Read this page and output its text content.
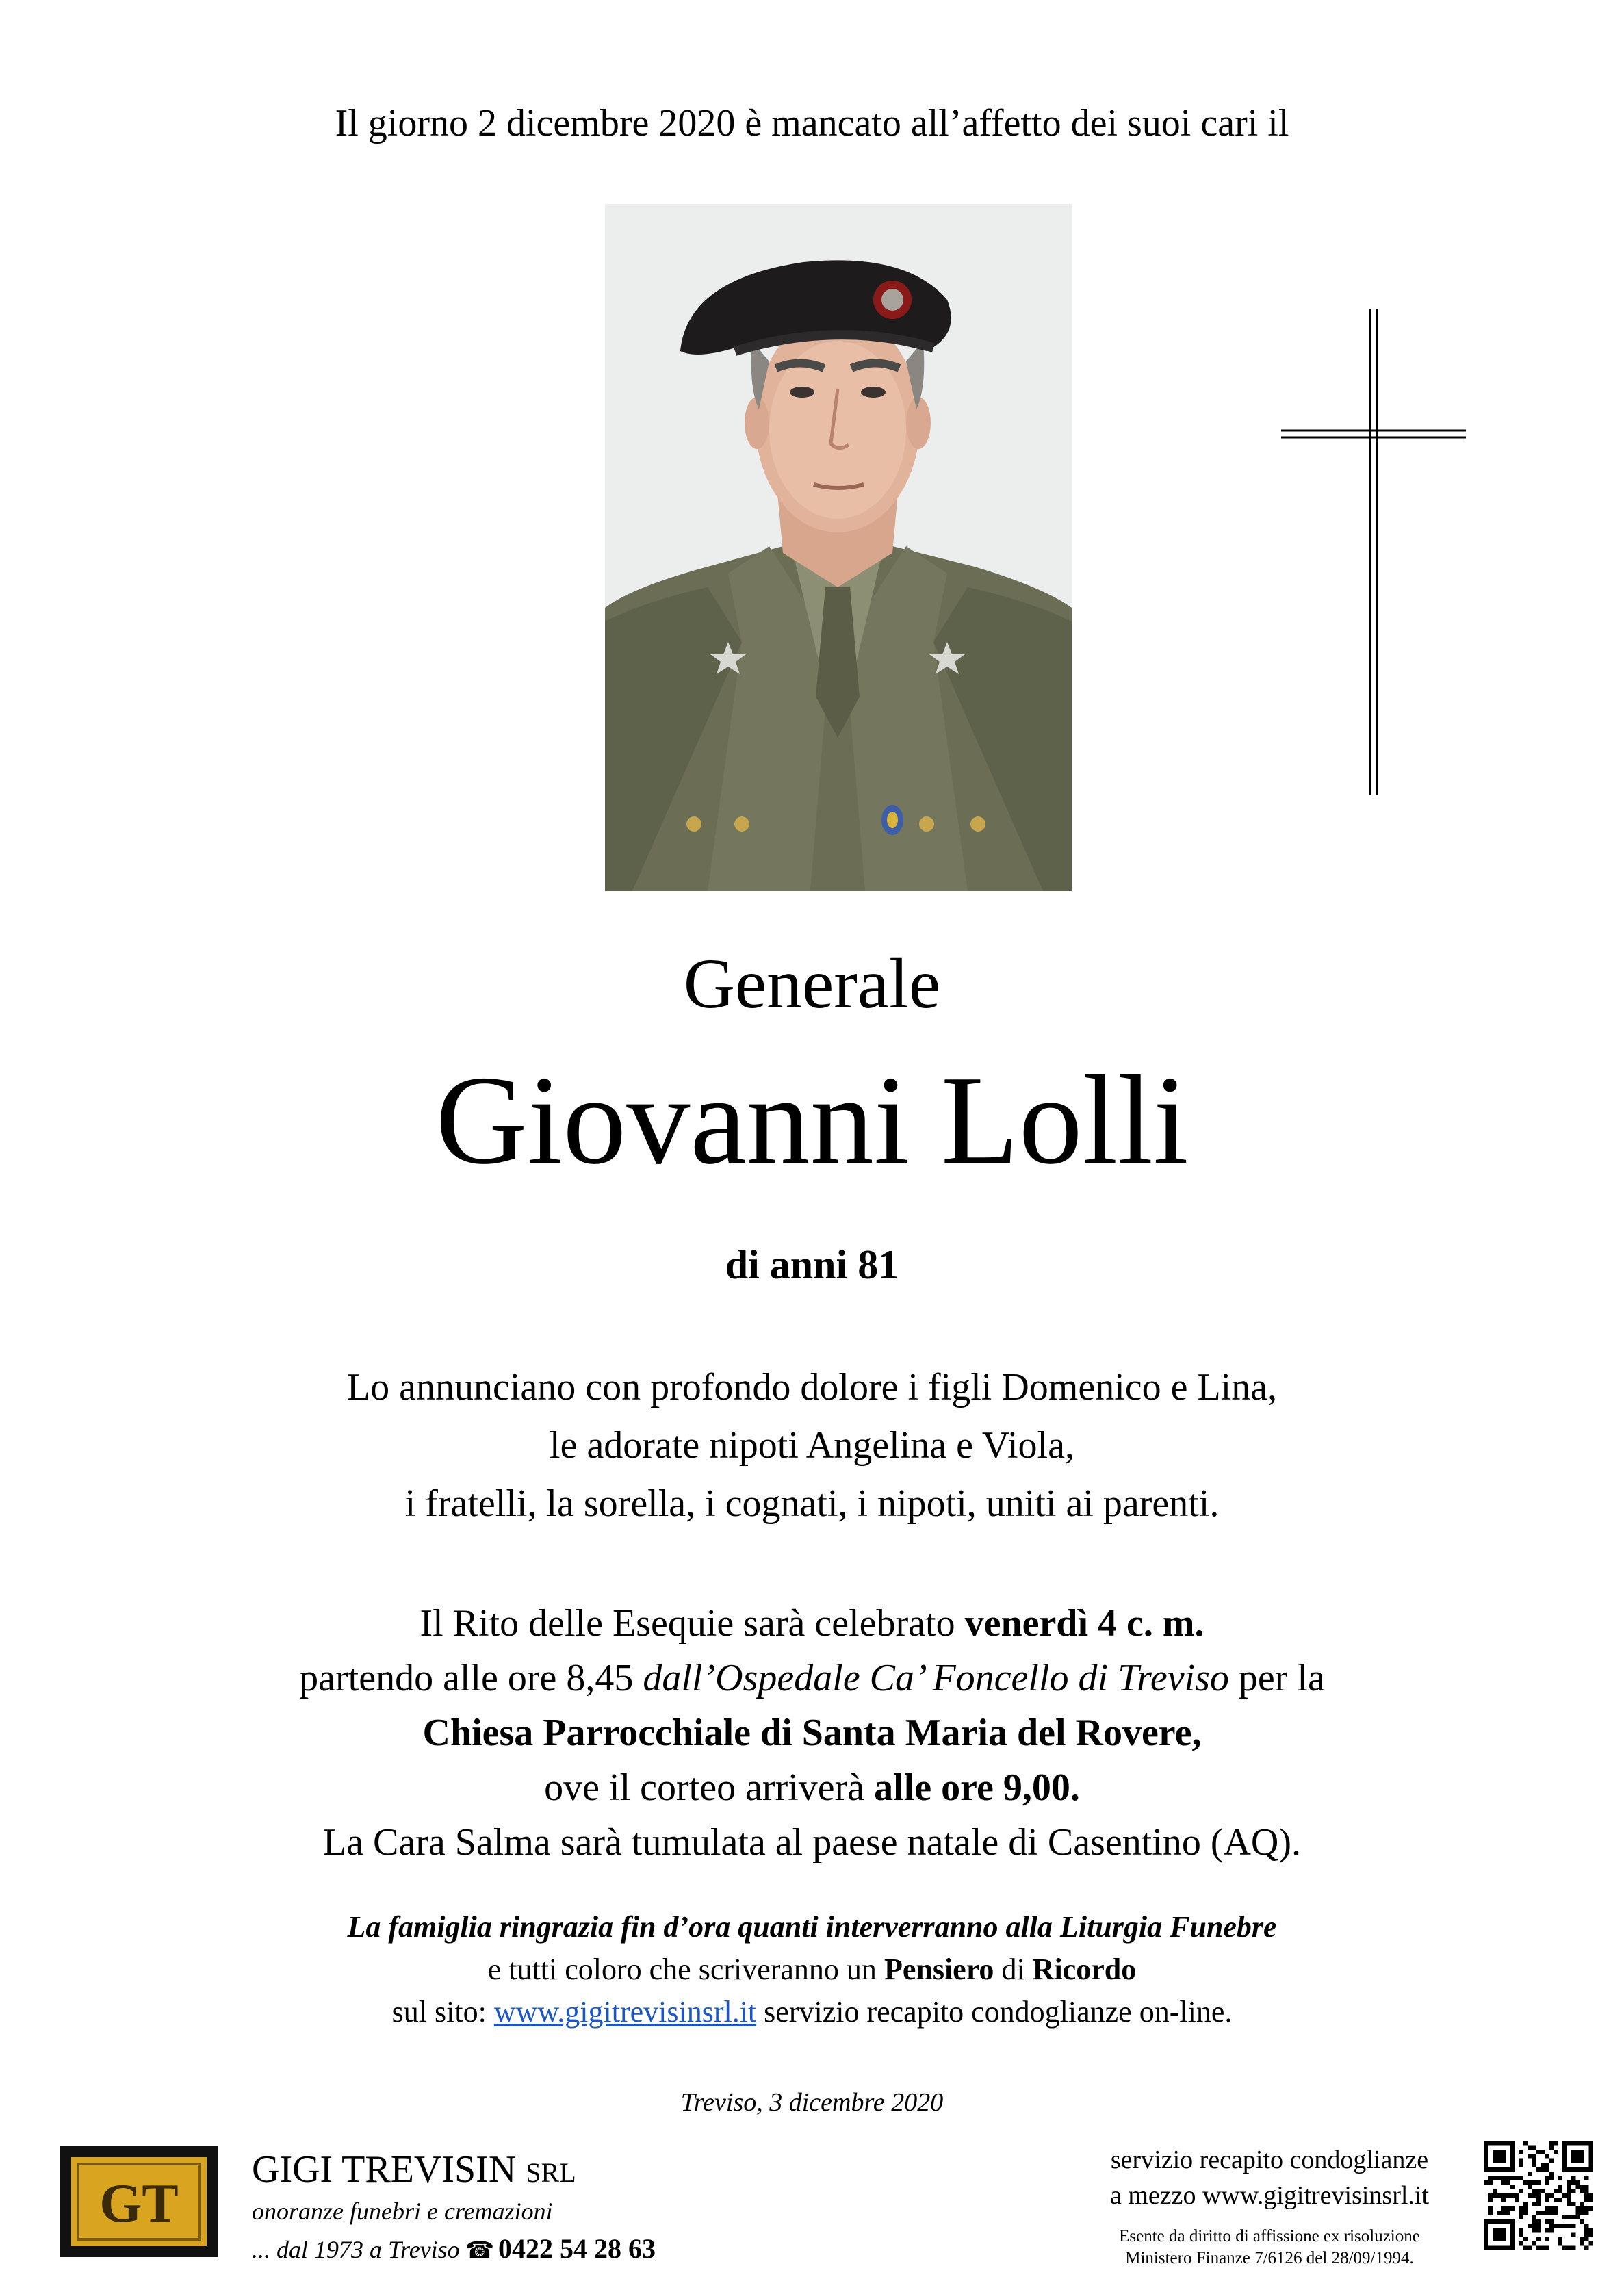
Il giorno 2 dicembre 2020 è mancato all’affetto dei suoi cari il
Generale
Giovanni Lolli
di anni 81
Lo annunciano con profondo dolore i figli Domenico e Lina,
le adorate nipoti Angelina e Viola,
i fratelli, la sorella, i cognati, i nipoti, uniti ai parenti.
Il Rito delle Esequie sarà celebrato venerdì 4 c. m.
partendo alle ore 8,45 dall’Ospedale Ca’ Foncello di Treviso per la
Chiesa Parrocchiale di Santa Maria del Rovere,
ove il corteo arriverà alle ore 9,00.
La Cara Salma sarà tumulata al paese natale di Casentino (AQ).
La famiglia ringrazia fin d’ora quanti interverranno alla Liturgia Funebre
e tutti coloro che scriveranno un Pensiero di Ricordo
sul sito: www.gigitrevisinsrl.it servizio recapito condoglianze on-line.
Treviso, 3 dicembre 2020
GT
GIGI TREVISIN SRL
onoranze funebri e cremazioni
... dal 1973 a Treviso ☎ 0422 54 28 63
servizio recapito condoglianze
a mezzo www.gigitrevisinsrl.it
Esente da diritto di affissione ex risoluzione
Ministero Finanze 7/6126 del 28/09/1994.
